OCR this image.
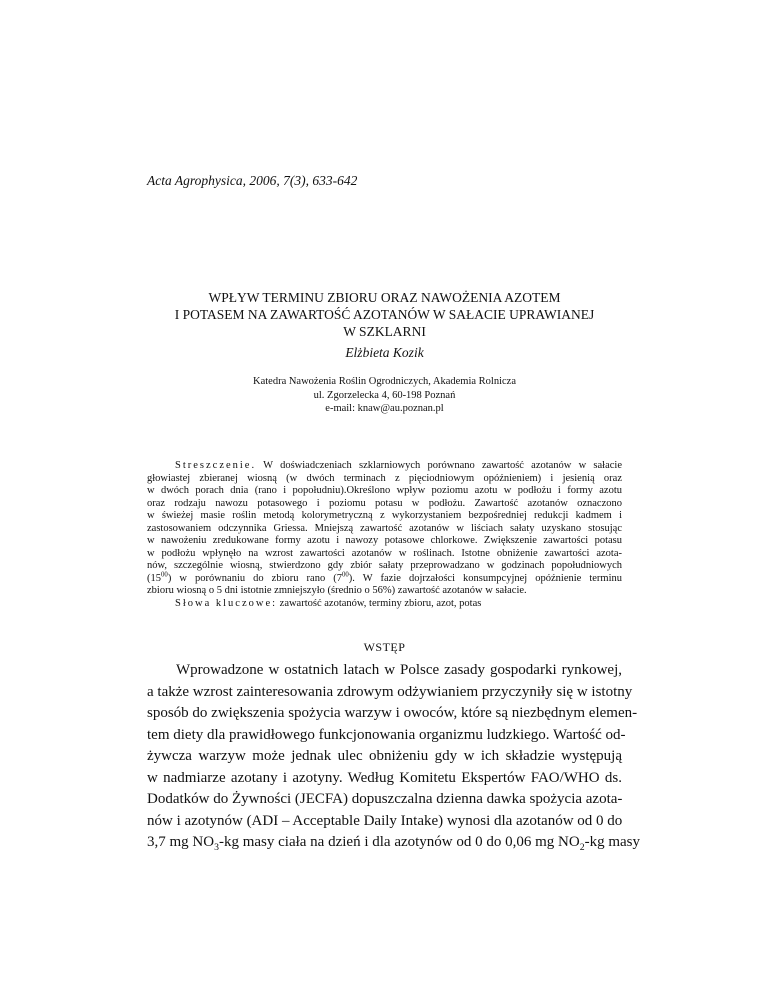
Acta Agrophysica, 2006, 7(3), 633-642
WPŁYW TERMINU ZBIORU ORAZ NAWOŻENIA AZOTEM
I POTASEM NA ZAWARTOŚĆ AZOTANÓW W SAŁACIE UPRAWIANEJ
W SZKLARNI
Elżbieta Kozik
Katedra Nawożenia Roślin Ogrodniczych, Akademia Rolnicza
ul. Zgorzelecka 4, 60-198 Poznań
e-mail: knaw@au.poznan.pl

Streszczenie. W doświadczeniach szklarniowych porównano zawartość azotanów w sałacie

głowiastej zbieranej wiosną (w dwóch terminach z pięciodniowym opóźnieniem) i jesienią oraz
w dwóch porach dnia (rano i popołudniu).Określono wpływ poziomu azotu w podłożu i formy azotu
oraz rodzaju nawozu potasowego i poziomu potasu w podłożu. Zawartość azotanów oznaczono
w świeżej masie roślin metodą kolorymetryczną z wykorzystaniem bezpośredniej redukcji kadmem i
zastosowaniem odczynnika Griessa. Mniejszą zawartość azotanów w liściach sałaty uzyskano stosując
w nawożeniu zredukowane formy azotu i nawozy potasowe chlorkowe. Zwiększenie zawartości potasu
w podłożu wpłynęło na wzrost zawartości azotanów w roślinach. Istotne obniżenie zawartości azota-
nów, szczególnie wiosną, stwierdzono gdy zbiór sałaty przeprowadzano w godzinach popołudniowych
$(15^{00})$ w porównaniu do zbioru rano $(7^{00})$. W fazie dojrzałości konsumpcyjnej opóźnienie terminu
zbioru wiosną o 5 dni istotnie zmniejszyło (średnio o 56%) zawartość azotanów w sałacie.

Słowa kluczowe: zawartość azotanów, terminy zbioru, azot, potas

WSTĘP
Wprowadzone w ostatnich latach w Polsce zasady gospodarki rynkowej,
a także wzrost zainteresowania zdrowym odżywianiem przyczyniły się w istotny
sposób do zwiększenia spożycia warzyw i owoców, które są niezbędnym elemen-
tem diety dla prawidłowego funkcjonowania organizmu ludzkiego. Wartość od-
żywcza warzyw może jednak ulec obniżeniu gdy w ich składzie występują
w nadmiarze azotany i azotyny. Według Komitetu Ekspertów FAO/WHO ds.
Dodatków do Żywności (JECFA) dopuszczalna dzienna dawka spożycia azota-
nów i azotynów (ADI – Acceptable Daily Intake) wynosi dla azotanów od 0 do
3,7 mg $NO_3-kg$ masy ciała na dzień i dla azotynów od 0 do 0,06 mg $NO_2-kg$ masy
